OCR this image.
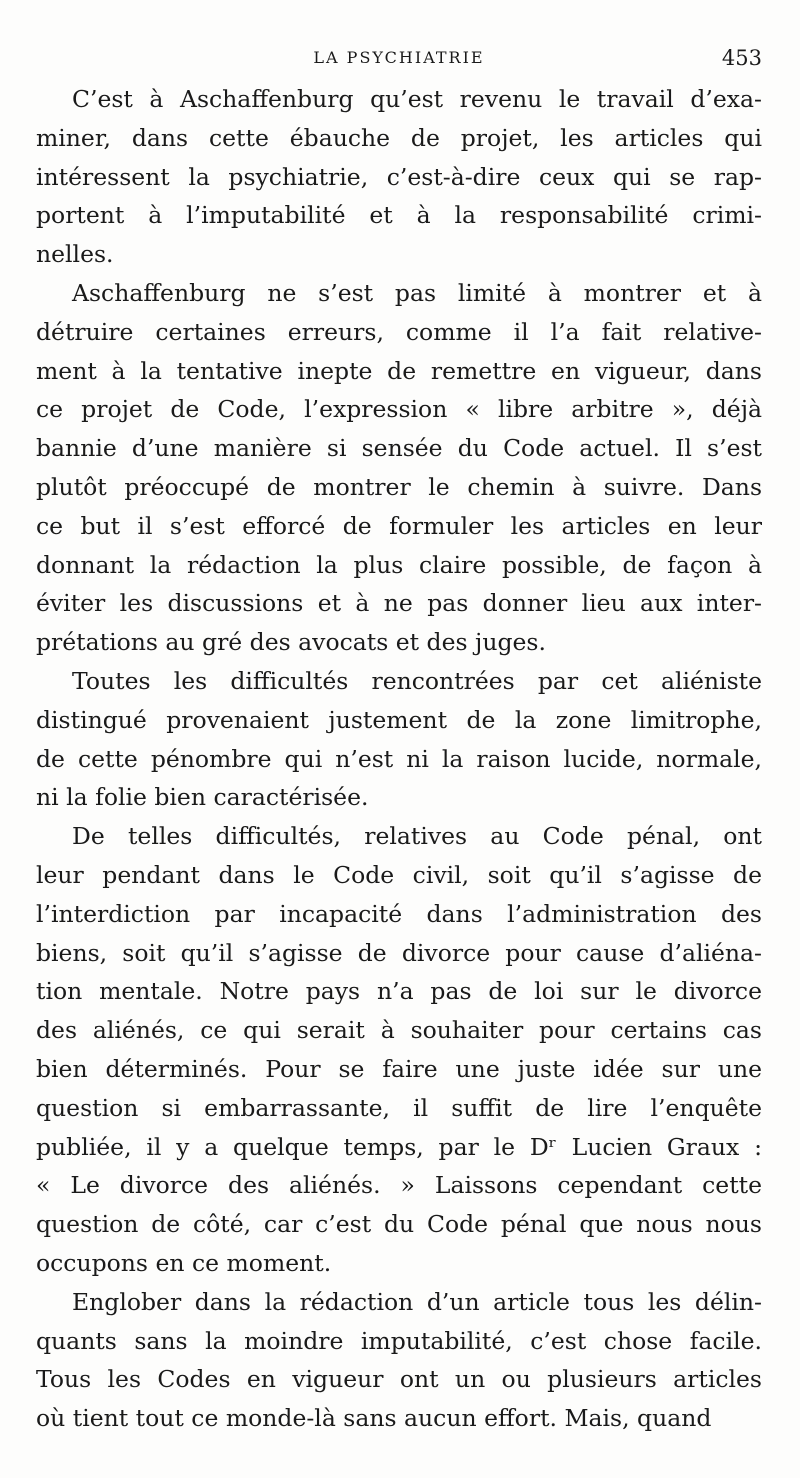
LA PSYCHIATRIE	453
C’est à Aschaffenburg qu’est revenu le travail d’exa-
miner, dans cette ébauche de projet, les articles qui
intéressent la psychiatrie, c’est-à-dire ceux qui se rap-
portent à l’imputabilité et à la responsabilité crimi-
nelles.
Aschaffenburg ne s’est pas limité à montrer et à
détruire certaines erreurs, comme il l’a fait relative-
ment à la tentative inepte de remettre en vigueur, dans
ce projet de Code, l’expression « libre arbitre », déjà
bannie d’une manière si sensée du Code actuel. Il s’est
plutôt préoccupé de montrer le chemin à suivre. Dans
ce but il s’est efforcé de formuler les articles en leur
donnant la rédaction la plus claire possible, de façon à
éviter les discussions et à ne pas donner lieu aux inter-
prétations au gré des avocats et des juges.
Toutes les difficultés rencontrées par cet aliéniste
distingué provenaient justement de la zone limitrophe,
de cette pénombre qui n’est ni la raison lucide, normale,
ni la folie bien caractérisée.
De telles difficultés, relatives au Code pénal, ont
leur pendant dans le Code civil, soit qu’il s’agisse de
l’interdiction par incapacité dans l’administration des
biens, soit qu’il s’agisse de divorce pour cause d’aliéna-
tion mentale. Notre pays n’a pas de loi sur le divorce
des aliénés, ce qui serait à souhaiter pour certains cas
bien déterminés. Pour se faire une juste idée sur une
question si embarrassante, il suffit de lire l’enquête
publiée, il y a quelque temps, par le Dʳ Lucien Graux :
« Le divorce des aliénés. » Laissons cependant cette
question de côté, car c’est du Code pénal que nous nous
occupons en ce moment.
Englober dans la rédaction d’un article tous les délin-
quants sans la moindre imputabilité, c’est chose facile.
Tous les Codes en vigueur ont un ou plusieurs articles
où tient tout ce monde-là sans aucun effort. Mais, quand
